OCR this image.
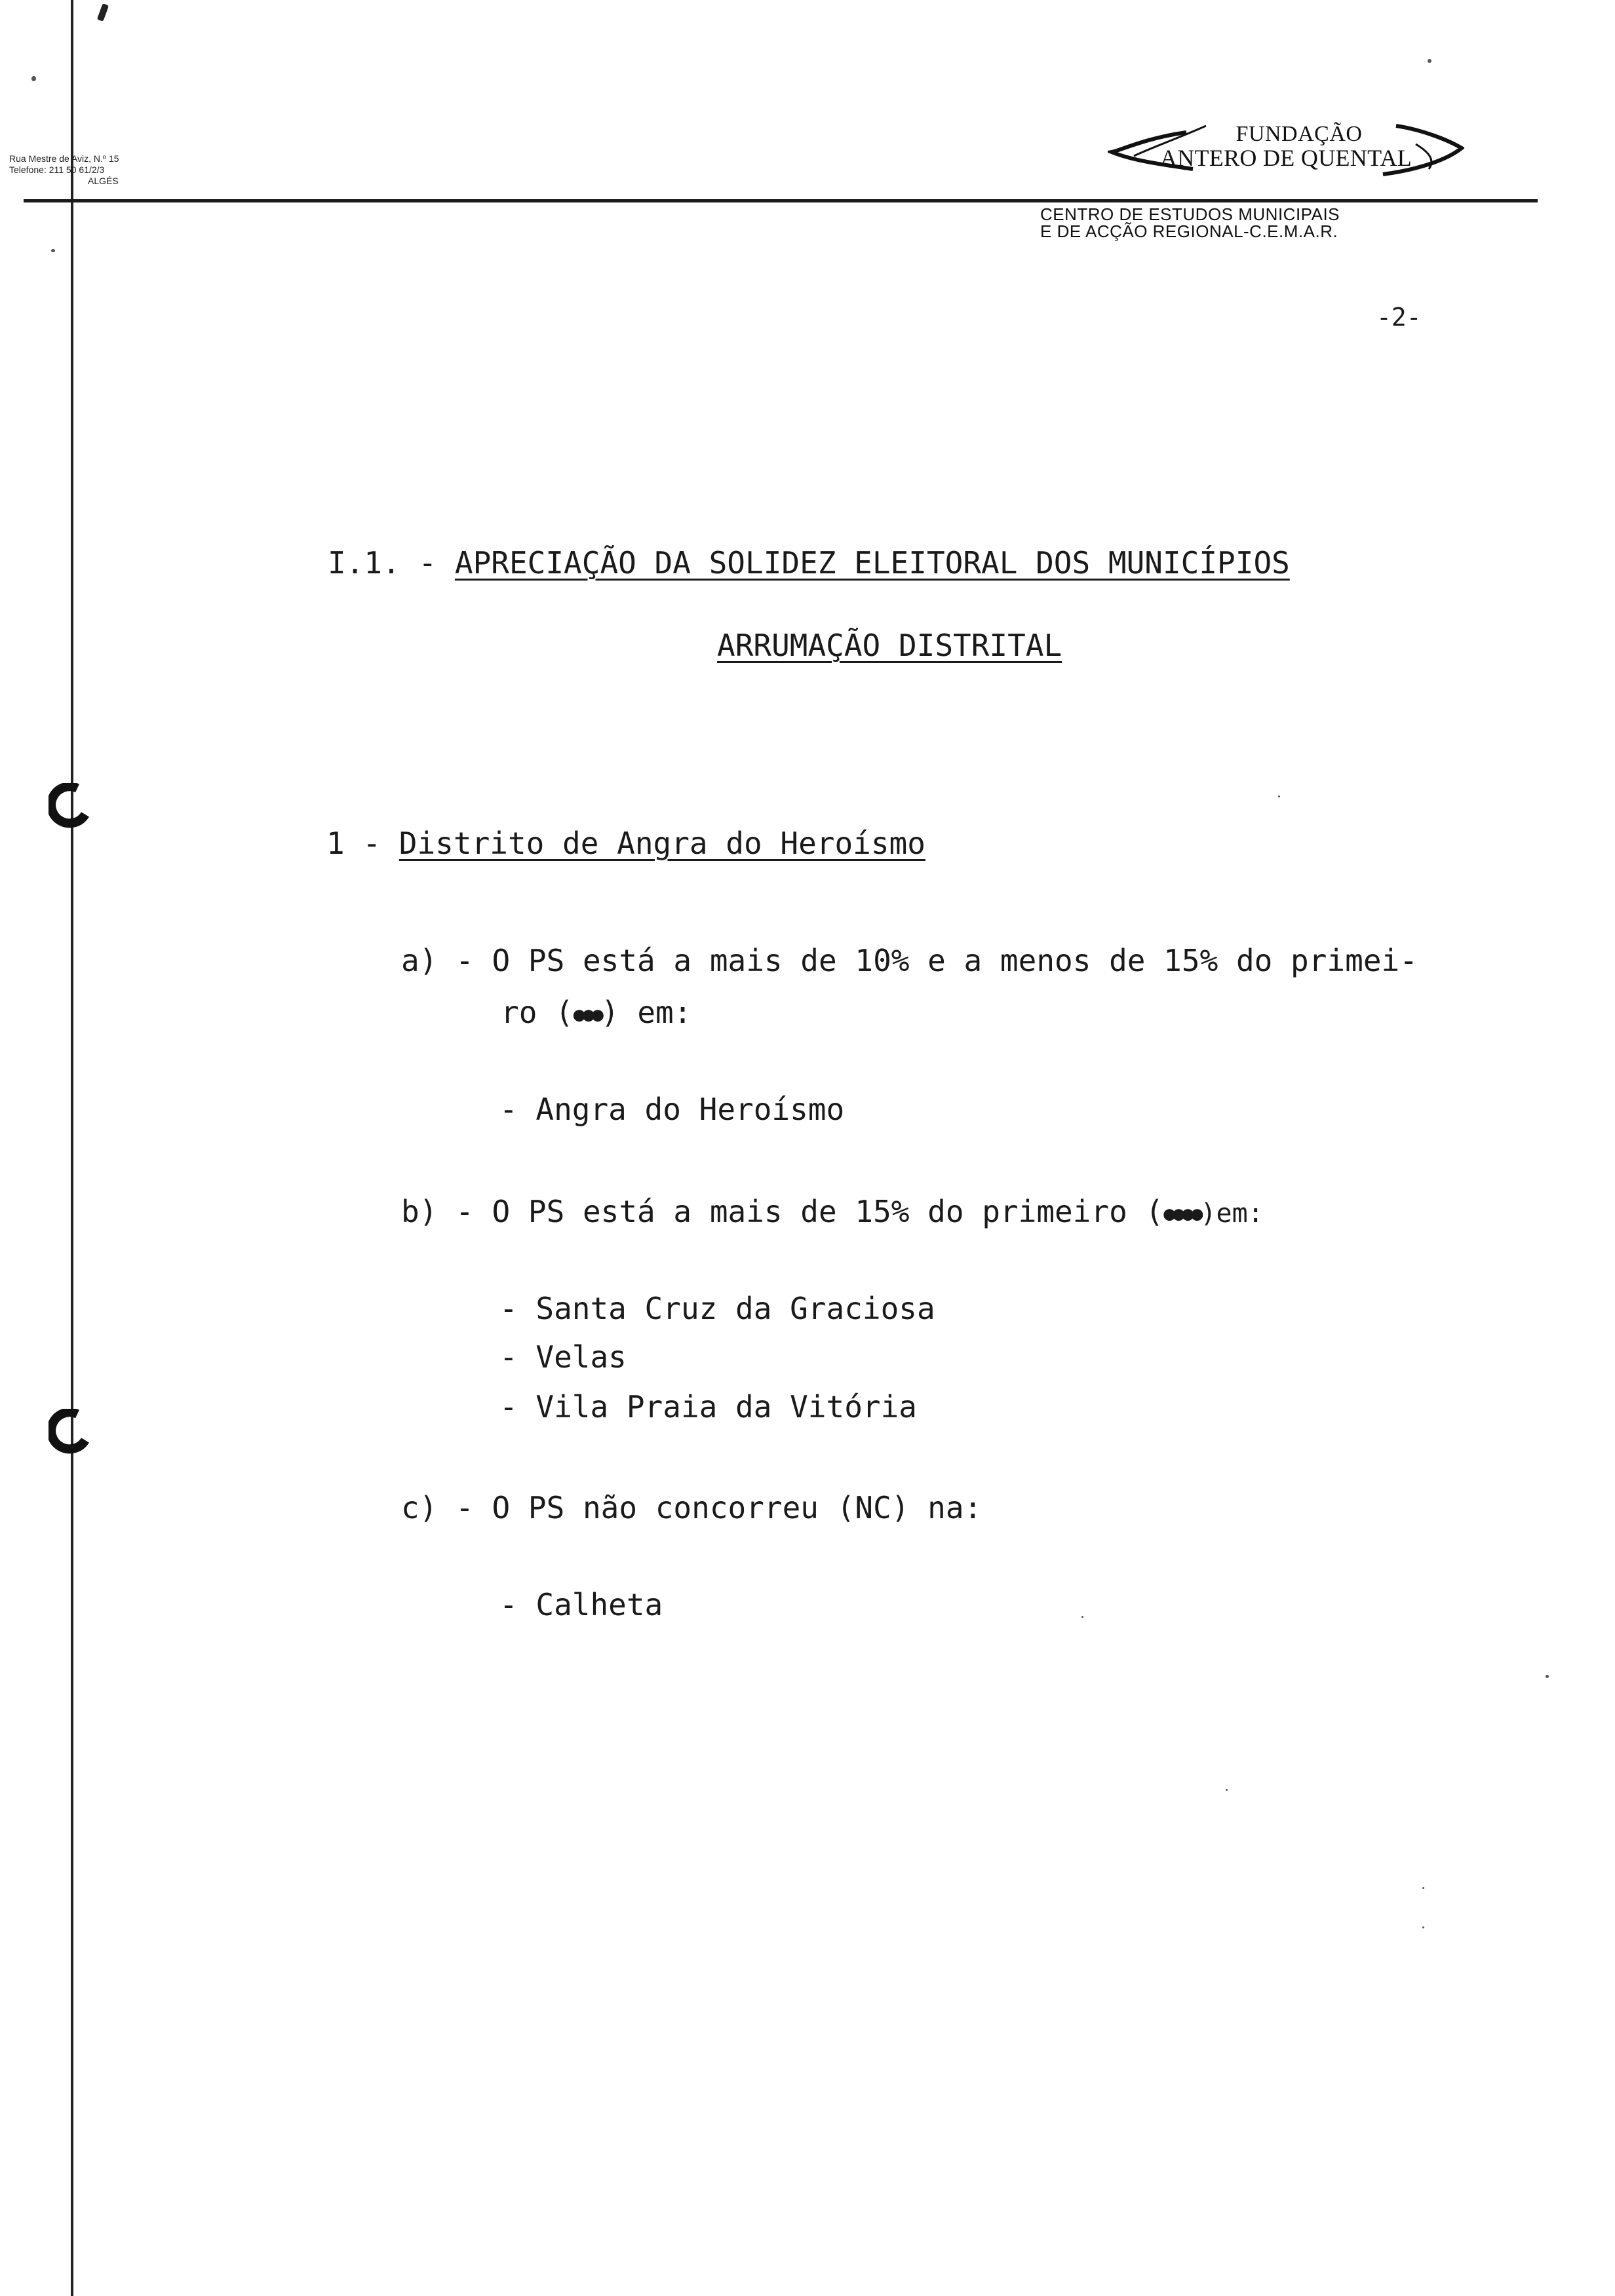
Rua Mestre de Aviz, N.º 15
Telefone: 211 50 61/2/3
ALGÉS
FUNDAÇÃO
ANTERO DE QUENTAL
CENTRO DE ESTUDOS MUNICIPAIS
E DE ACÇÃO REGIONAL-C.E.M.A.R.
-2-
I.1. - APRECIAÇÃO DA SOLIDEZ ELEITORAL DOS MUNICÍPIOS
ARRUMAÇÃO DISTRITAL
1 - Distrito de Angra do Heroísmo
a) - O PS está a mais de 10% e a menos de 15% do primei-
ro (●●●) em:
- Angra do Heroísmo
b) - O PS está a mais de 15% do primeiro (●●●●)em:
- Santa Cruz da Graciosa
- Velas
- Vila Praia da Vitória
c) - O PS não concorreu (NC) na:
- Calheta
